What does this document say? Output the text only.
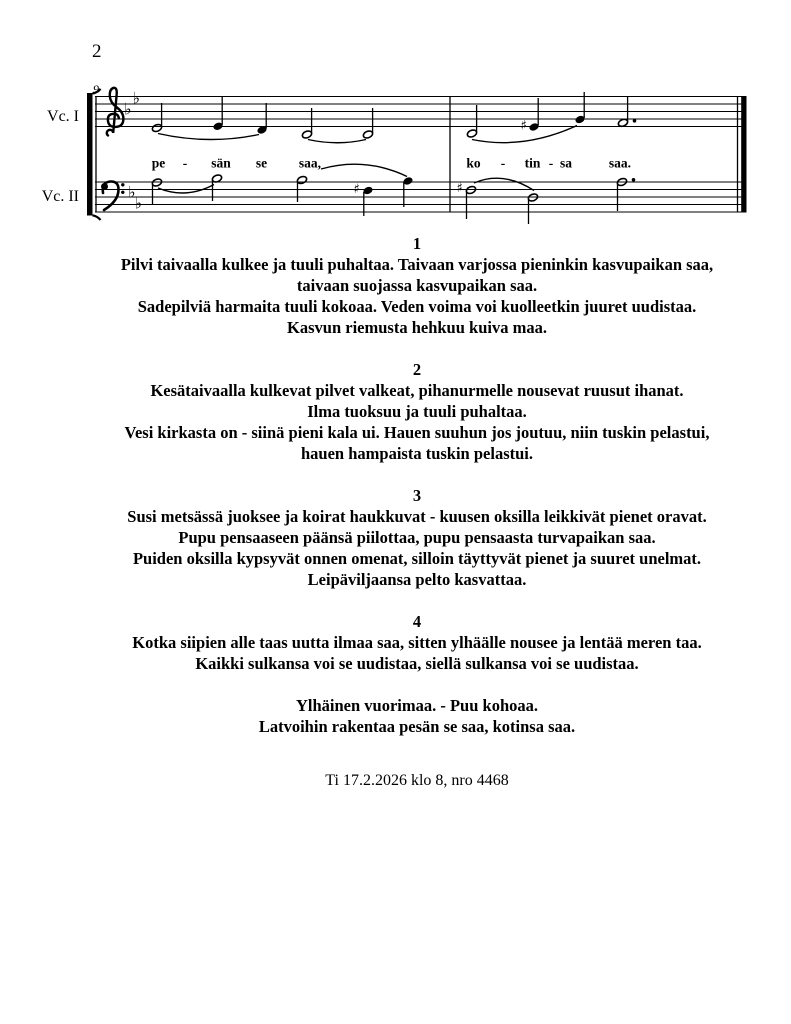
2
9
Vc. I
Vc. II
♭
♭
♭
♭
♯
pe - sän se saa,	ko - tin - sa	saa.
♯	♯
1
Pilvi taivaalla kulkee ja tuuli puhaltaa. Taivaan varjossa pieninkin kasvupaikan saa,
taivaan suojassa kasvupaikan saa.
Sadepilviä harmaita tuuli kokoaa. Veden voima voi kuolleetkin juuret uudistaa.
Kasvun riemusta hehkuu kuiva maa.
2
Kesätaivaalla kulkevat pilvet valkeat, pihanurmelle nousevat ruusut ihanat.
Ilma tuoksuu ja tuuli puhaltaa.
Vesi kirkasta on - siinä pieni kala ui. Hauen suuhun jos joutuu, niin tuskin pelastui,
hauen hampaista tuskin pelastui.
3
Susi metsässä juoksee ja koirat haukkuvat - kuusen oksilla leikkivät pienet oravat.
Pupu pensaaseen päänsä piilottaa, pupu pensaasta turvapaikan saa.
Puiden oksilla kypsyvät onnen omenat, silloin täyttyvät pienet ja suuret unelmat.
Leipäviljaansa pelto kasvattaa.
4
Kotka siipien alle taas uutta ilmaa saa, sitten ylhäälle nousee ja lentää meren taa.
Kaikki sulkansa voi se uudistaa, siellä sulkansa voi se uudistaa.
Ylhäinen vuorimaa. - Puu kohoaa.
Latvoihin rakentaa pesän se saa, kotinsa saa.
Ti 17.2.2026 klo 8, nro 4468
